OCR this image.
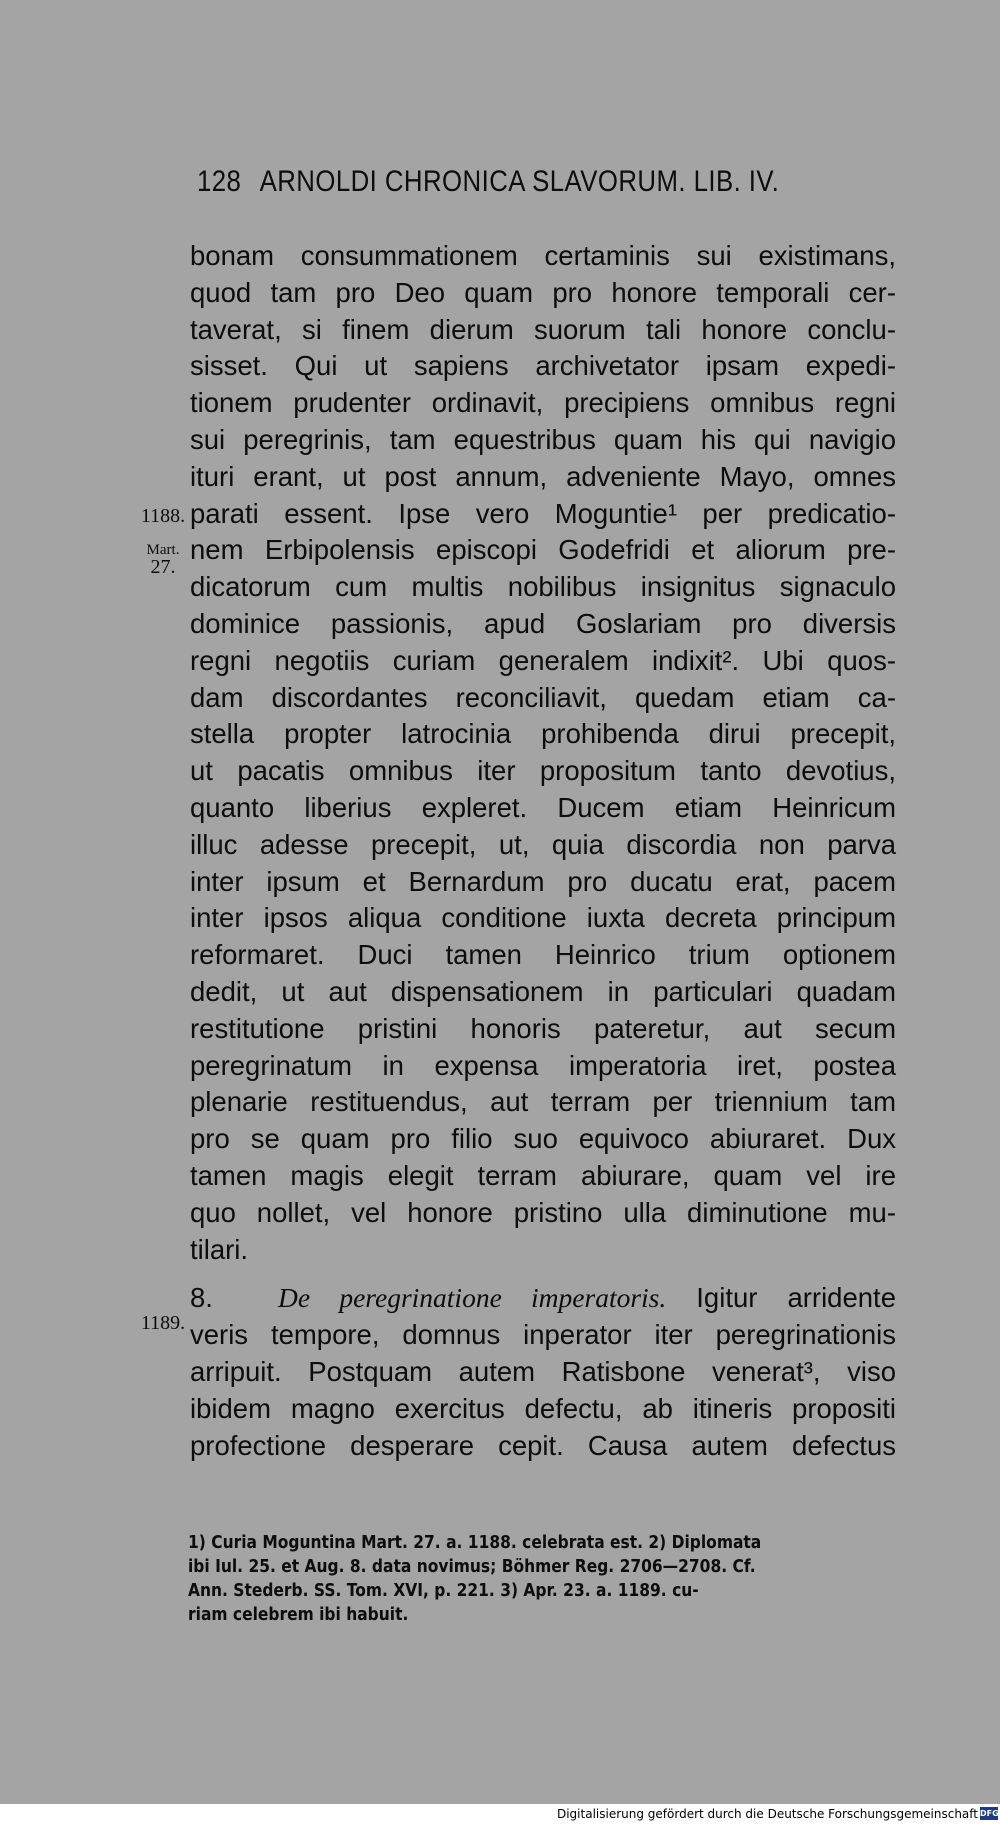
128 ARNOLDI CHRONICA SLAVORUM. LIB. IV.
1188.
Mart.
27.
1189.
bonam consummationem certaminis sui existimans,
quod tam pro Deo quam pro honore temporali cer-
taverat, si finem dierum suorum tali honore conclu-
sisset. Qui ut sapiens archivetator ipsam expedi-
tionem prudenter ordinavit, precipiens omnibus regni
sui peregrinis, tam equestribus quam his qui navigio
ituri erant, ut post annum, adveniente Mayo, omnes
parati essent. Ipse vero Moguntie¹ per predicatio-
nem Erbipolensis episcopi Godefridi et aliorum pre-
dicatorum cum multis nobilibus insignitus signaculo
dominice passionis, apud Goslariam pro diversis
regni negotiis curiam generalem indixit². Ubi quos-
dam discordantes reconciliavit, quedam etiam ca-
stella propter latrocinia prohibenda dirui precepit,
ut pacatis omnibus iter propositum tanto devotius,
quanto liberius expleret. Ducem etiam Heinricum
illuc adesse precepit, ut, quia discordia non parva
inter ipsum et Bernardum pro ducatu erat, pacem
inter ipsos aliqua conditione iuxta decreta principum
reformaret. Duci tamen Heinrico trium optionem
dedit, ut aut dispensationem in particulari quadam
restitutione pristini honoris pateretur, aut secum
peregrinatum in expensa imperatoria iret, postea
plenarie restituendus, aut terram per triennium tam
pro se quam pro filio suo equivoco abiuraret. Dux
tamen magis elegit terram abiurare, quam vel ire
quo nollet, vel honore pristino ulla diminutione mu-
tilari.
8. De peregrinatione imperatoris. Igitur arridente
veris tempore, domnus inperator iter peregrinationis
arripuit. Postquam autem Ratisbone venerat³, viso
ibidem magno exercitus defectu, ab itineris propositi
profectione desperare cepit. Causa autem defectus
1) Curia Moguntina Mart. 27. a. 1188. celebrata est. 2) Diplomata
ibi Iul. 25. et Aug. 8. data novimus; Böhmer Reg. 2706—2708. Cf.
Ann. Stederb. SS. Tom. XVI, p. 221. 3) Apr. 23. a. 1189. cu-
riam celebrem ibi habuit.
Digitalisierung gefördert durch die Deutsche Forschungsgemeinschaft DFG
